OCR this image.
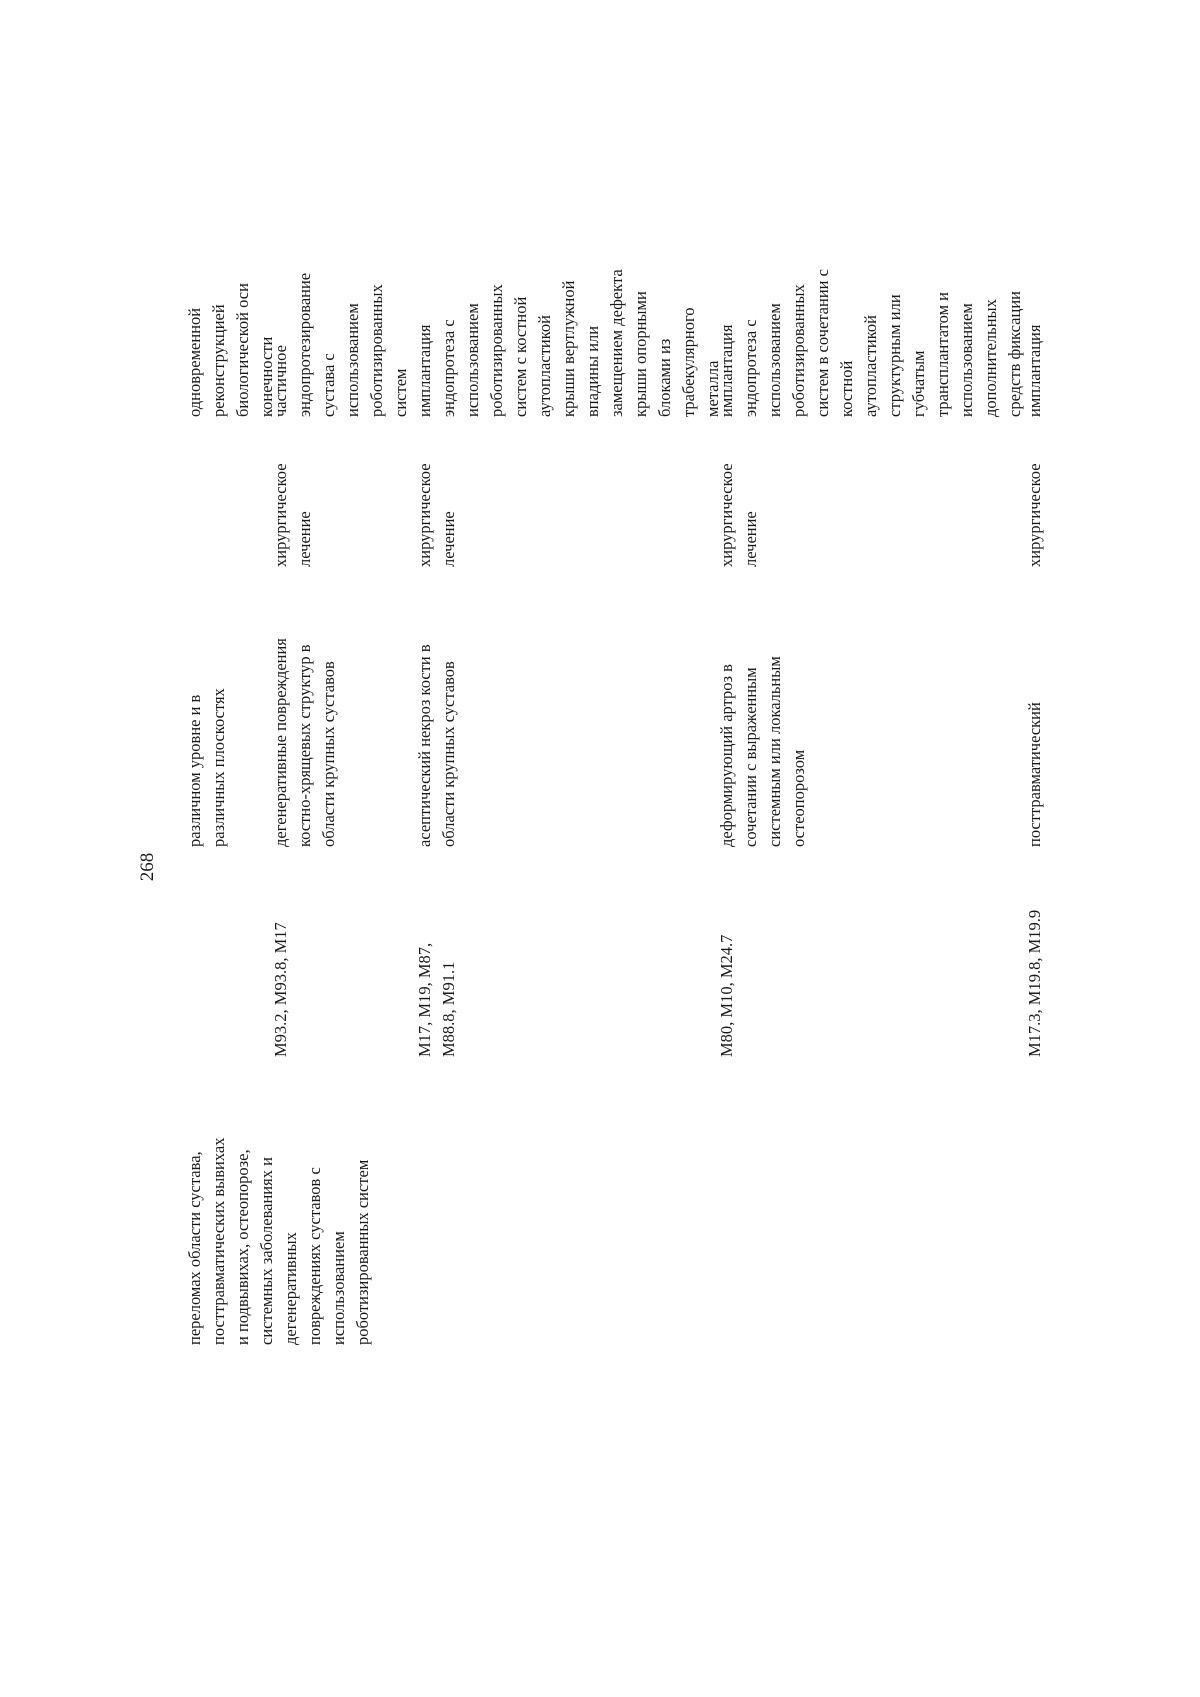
268
переломах области сустава,
посттравматических вывихах
и подвывихах, остеопорозе,
системных заболеваниях и
дегенеративных
повреждениях суставов с
использованием
роботизированных систем
различном уровне и в
различных плоскостях
одновременной
реконструкцией
биологической оси
конечности
M93.2, M93.8, M17
дегенеративные повреждения
костно-хрящевых структур в
области крупных суставов
хирургическое
лечение
частичное
эндопротезирование
сустава с
использованием
роботизированных
систем
M17, M19, M87,
M88.8, M91.1
асептический некроз кости в
области крупных суставов
хирургическое
лечение
имплантация
эндопротеза с
использованием
роботизированных
систем с костной
аутопластикой
крыши вертлужной
впадины или
замещением дефекта
крыши опорными
блоками из
трабекулярного
металла
M80, M10, M24.7
деформирующий артроз в
сочетании с выраженным
системным или локальным
остеопорозом
хирургическое
лечение
имплантация
эндопротеза с
использованием
роботизированных
систем в сочетании с
костной
аутопластикой
структурным или
губчатым
трансплантатом и
использованием
дополнительных
средств фиксации
M17.3, M19.8, M19.9
посттравматический
хирургическое
имплантация
